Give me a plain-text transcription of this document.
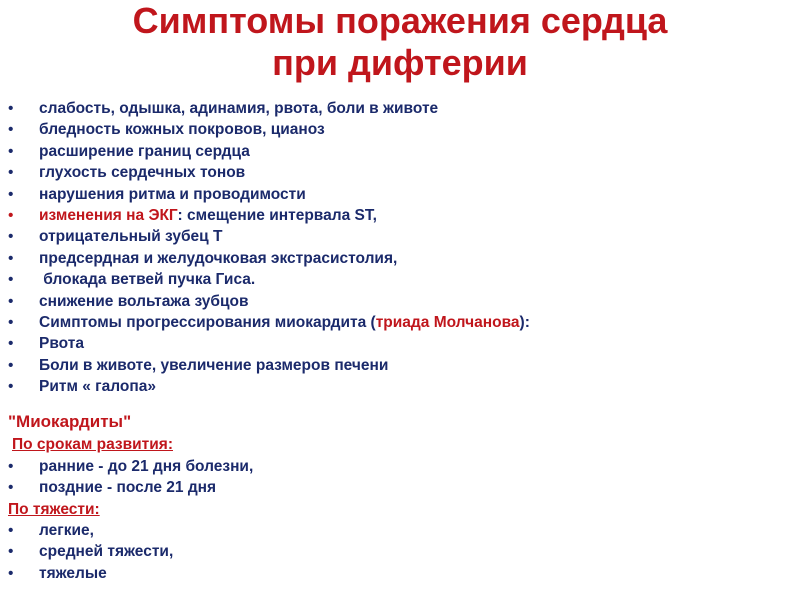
Симптомы поражения сердца
при дифтерии
• слабость, одышка, адинамия, рвота, боли в животе
• бледность кожных покровов, цианоз
• расширение границ сердца
• глухость сердечных тонов
• нарушения ритма и проводимости
• изменения на ЭКГ: смещение интервала ST,
• отрицательный зубец Т
• предсердная и желудочковая экстрасистолия,
• блокада ветвей пучка Гиса.
• снижение вольтажа зубцов
• Симптомы прогрессирования миокардита (триада Молчанова):
• Рвота
• Боли в животе, увеличение размеров печени
• Ритм « галопа»
"Миокардиты"
По срокам развития:
• ранние - до 21 дня болезни,
• поздние - после 21 дня
По тяжести:
• легкие,
• средней тяжести,
• тяжелые
